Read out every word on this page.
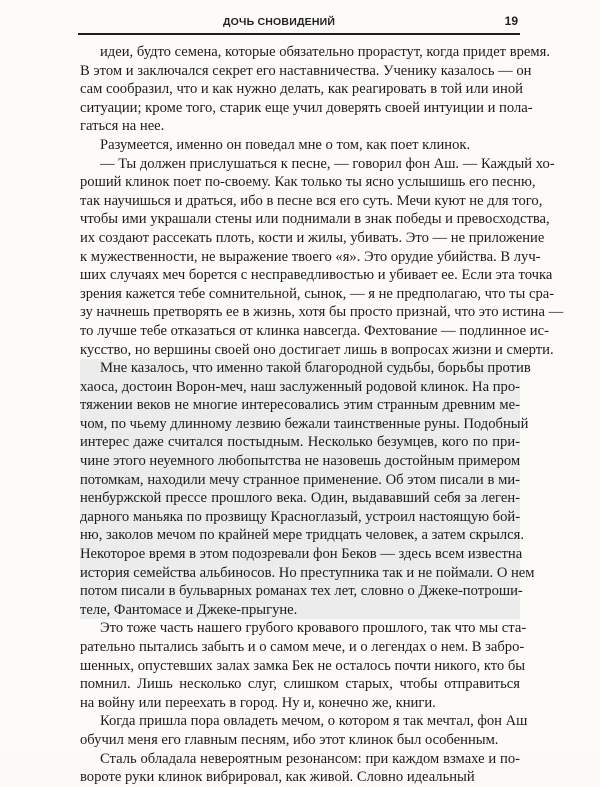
ДОЧЬ СНОВИДЕНИЙ	19
идеи, будто семена, которые обязательно прорастут, когда придет время.
В этом и заключался секрет его наставничества. Ученику казалось — он
сам сообразил, что и как нужно делать, как реагировать в той или иной
ситуации; кроме того, старик еще учил доверять своей интуиции и пола-
гаться на нее.
Разумеется, именно он поведал мне о том, как поет клинок.
— Ты должен прислушаться к песне, — говорил фон Аш. — Каждый хо-
роший клинок поет по-своему. Как только ты ясно услышишь его песню,
так научишься и драться, ибо в песне вся его суть. Мечи куют не для того,
чтобы ими украшали стены или поднимали в знак победы и превосходства,
их создают рассекать плоть, кости и жилы, убивать. Это — не приложение
к мужественности, не выражение твоего «я». Это орудие убийства. В луч-
ших случаях меч борется с несправедливостью и убивает ее. Если эта точка
зрения кажется тебе сомнительной, сынок, — я не предполагаю, что ты сра-
зу начнешь претворять ее в жизнь, хотя бы просто признай, что это истина —
то лучше тебе отказаться от клинка навсегда. Фехтование — подлинное ис-
кусство, но вершины своей оно достигает лишь в вопросах жизни и смерти.
Мне казалось, что именно такой благородной судьбы, борьбы против
хаоса, достоин Ворон-меч, наш заслуженный родовой клинок. На про-
тяжении веков не многие интересовались этим странным древним ме-
чом, по чьему длинному лезвию бежали таинственные руны. Подобный
интерес даже считался постыдным. Несколько безумцев, кого по при-
чине этого неуемного любопытства не назовешь достойным примером
потомкам, находили мечу странное применение. Об этом писали в ми-
ненбуржской прессе прошлого века. Один, выдававший себя за леген-
дарного маньяка по прозвищу Красноглазый, устроил настоящую бой-
ню, заколов мечом по крайней мере тридцать человек, а затем скрылся.
Некоторое время в этом подозревали фон Беков — здесь всем известна
история семейства альбиносов. Но преступника так и не поймали. О нем
потом писали в бульварных романах тех лет, словно о Джеке-потроши-
теле, Фантомасе и Джеке-прыгуне.
Это тоже часть нашего грубого кровавого прошлого, так что мы ста-
рательно пытались забыть и о самом мече, и о легендах о нем. В забро-
шенных, опустевших залах замка Бек не осталось почти никого, кто бы
помнил. Лишь несколько слуг, слишком старых, чтобы отправиться
на войну или переехать в город. Ну и, конечно же, книги.
Когда пришла пора овладеть мечом, о котором я так мечтал, фон Аш
обучил меня его главным песням, ибо этот клинок был особенным.
Сталь обладала невероятным резонансом: при каждом взмахе и по-
вороте руки клинок вибрировал, как живой. Словно идеальный
